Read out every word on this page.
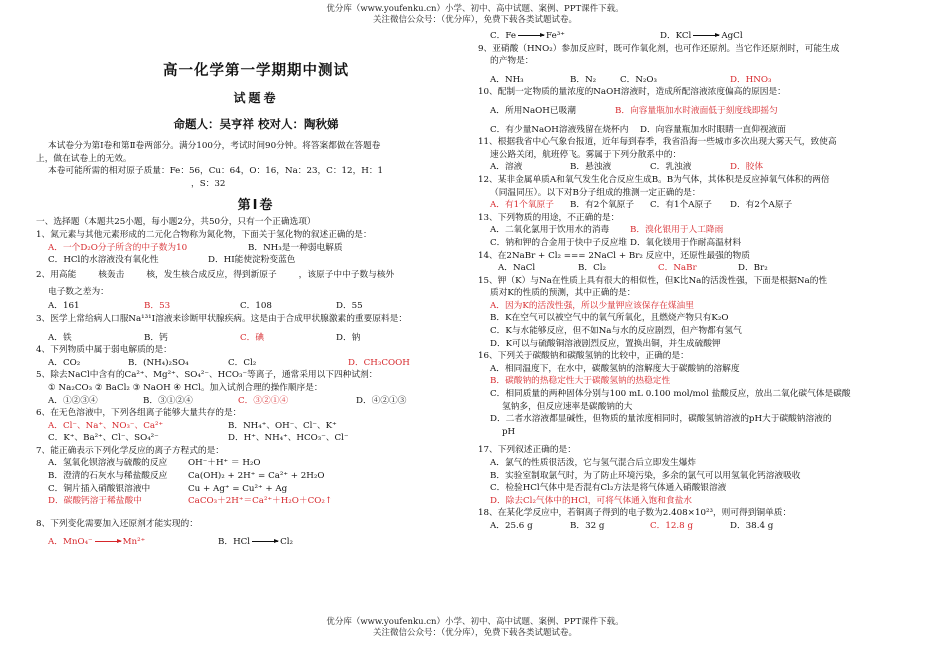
优分库（www.youfenku.cn）小学、初中、高中试题、案例、PPT课件下载。
关注微信公众号：（优分库），免费下载各类试题试卷。
高一化学第一学期期中测试
试题卷
命题人：吴亨祥 校对人：陶秋娣
本试卷分为第Ⅰ卷和第Ⅱ卷两部分。满分100分，考试时间90分钟。将答案都做在答题卷
上，做在试卷上的无效。
本卷可能所需的相对原子质量：Fe：56，Cu：64，O：16，Na：23，C：12，H：1
，S：32
第Ⅰ卷
一、选择题（本题共25小题，每小题2分，共50分，只有一个正确选项）
1、氮元素与其他元素形成的二元化合物称为氮化物，下面关于氢化物的叙述正确的是：
A．一个D₂O分子所含的中子数为10	B．NH₃是一种弱电解质
C．HCl的水溶液没有氧化性	D．HI能使淀粉变蓝色
2、用高能	核轰击	核，发生核合成反应，得到新原子	，该原子中中子数与核外
电子数之差为：
A．161	B．53	C．108	D．55
3、医学上常给病人口服Na¹³¹I溶液来诊断甲状腺疾病。这是由于合成甲状腺激素的重要原料是：
A．铁	B．钙	C．碘	D．钠
4、下列物质中属于弱电解质的是：
A．CO₂	B．(NH₄)₂SO₄	C．Cl₂	D．CH₃COOH
5、除去NaCl中含有的Ca²⁺、Mg²⁺、SO₄²⁻、HCO₃⁻等离子，通常采用以下四种试剂：
① Na₂CO₃ ② BaCl₂ ③ NaOH ④ HCl。加入试剂合理的操作顺序是：
A．①②③④	B．③①②④	C．③②①④	D．④②①③
6、在无色溶液中，下列各组离子能够大量共存的是：
A．Cl⁻、Na⁺、NO₃⁻、Ca²⁺	B．NH₄⁺、OH⁻、Cl⁻、K⁺
C．K⁺、Ba²⁺、Cl⁻、SO₄²⁻	D．H⁺、NH₄⁺、HCO₃⁻、Cl⁻
7、能正确表示下列化学反应的离子方程式的是：
A．氢氧化钡溶液与硫酸的反应 OH⁻＋H⁺ ＝ H₂O
B．澄清的石灰水与稀盐酸反应 Ca(OH)₂ + 2H⁺ = Ca²⁺ + 2H₂O
C．铜片插入硝酸银溶液中	Cu + Ag⁺ = Cu²⁺ + Ag
D．碳酸钙溶于稀盐酸中	CaCO₃＋2H⁺＝Ca²⁺＋H₂O＋CO₂↑
8、下列变化需要加入还原剂才能实现的：
A．MnO₄⁻	Mn²⁺	B．HCl	Cl₂
C．Fe	Fe³⁺	D．KCl	AgCl
9、亚硝酸（HNO₂）参加反应时，既可作氧化剂，也可作还原剂。当它作还原剂时，可能生成
的产物是：
A．NH₃	B．N₂	C．N₂O₃	D．HNO₃
10、配制一定物质的量浓度的NaOH溶液时，造成所配溶液浓度偏高的原因是：
A．所用NaOH已吸潮	B．向容量瓶加水时液面低于刻度线即摇匀
C．有少量NaOH溶液残留在烧杯内 D．向容量瓶加水时眼睛一直仰视液面
11、根据我省中心气象台报道，近年每到春季，我省沿海一些城市多次出现大雾天气，致使高
速公路关闭，航班停飞。雾属于下列分散系中的：
A．溶液	B．悬浊液	C．乳浊液	D．胶体
12、某非金属单质A和氧气发生化合反应生成B。B为气体，其体积是反应掉氧气体积的两倍
（同温同压）。以下对B分子组成的推测一定正确的是：
A．有1个氧原子 B．有2个氧原子 C．有1个A原子 D．有2个A原子
13、下列物质的用途，不正确的是：
A．二氧化氯用于饮用水的消毒 B．溴化银用于人工降雨
C．钠和钾的合金用于快中子反应堆 D．氧化镁用于作耐高温材料
14、在2NaBr + Cl₂ === 2NaCl + Br₂ 反应中，还原性最强的物质
A．NaCl	B．Cl₂	C．NaBr	D．Br₂
15、钾（K）与Na在性质上具有很大的相似性，但K比Na的活泼性强，下面是根据Na的性
质对K的性质的预测，其中正确的是：
A．因为K的活泼性强，所以少量钾应该保存在煤油里
B．K在空气可以被空气中的氧气所氧化，且燃烧产物只有K₂O
C．K与水能够反应，但不如Na与水的反应剧烈，但产物都有氢气
D．K可以与硫酸铜溶液剧烈反应，置换出铜，并生成硫酸钾
16、下列关于碳酸钠和碳酸氢钠的比较中，正确的是：
A．相同温度下，在水中，碳酸氢钠的溶解度大于碳酸钠的溶解度
B．碳酸钠的热稳定性大于碳酸氢钠的热稳定性
C．相同质量的两种固体分别与100 mL 0.100 mol/mol 盐酸反应，放出二氧化碳气体是碳酸
氢钠多，但反应速率是碳酸钠的大
D．二者水溶液都显碱性，但物质的量浓度相同时，碳酸氢钠溶液的pH大于碳酸钠溶液的
pH
17、下列叙述正确的是：
A．氯气的性质很活泼，它与氢气混合后立即发生爆炸
B．实验室制取氯气时，为了防止环境污染，多余的氯气可以用氢氧化钙溶液吸收
C．检验HCl气体中是否混有Cl₂方法是将气体通入硝酸银溶液
D．除去Cl₂气体中的HCl，可将气体通入饱和食盐水
18、在某化学反应中，若铜离子得到的电子数为2.408×10²³，则可得到铜单质：
A．25.6 g	B．32 g	C．12.8 g	D．38.4 g
优分库（www.youfenku.cn）小学、初中、高中试题、案例、PPT课件下载。
关注微信公众号：（优分库），免费下载各类试题试卷。
